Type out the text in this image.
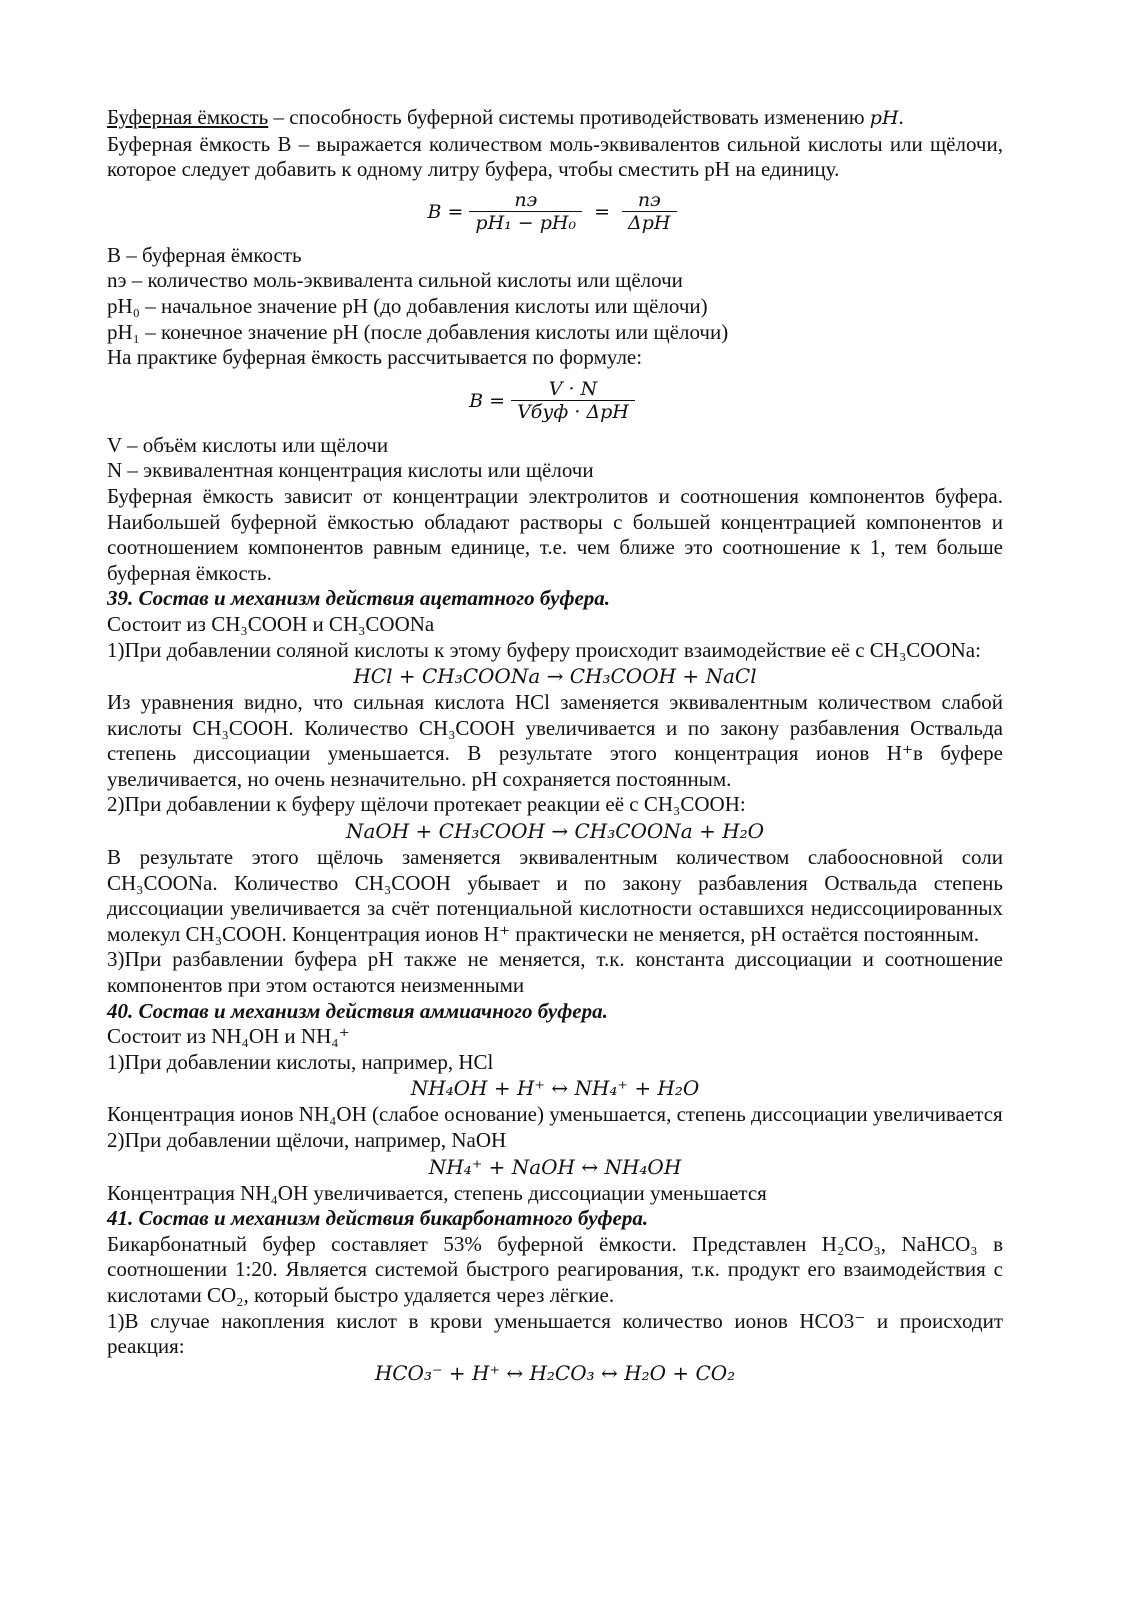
Буферная ёмкость – способность буферной системы противодействовать изменению pH.

Буферная ёмкость B – выражается количеством моль-эквивалентов сильной кислоты или щёлочи, которое следует добавить к одному литру буфера, чтобы сместить pH на единицу.

$B = \frac{nэ}{\text{pH₁ − pH₀}} = \frac{nэ}{\text{ΔpH}}$

B – буферная ёмкость

nэ – количество моль-эквивалента сильной кислоты или щёлочи

pH₀ – начальное значение pH (до добавления кислоты или щёлочи)

pH₁ – конечное значение pH (после добавления кислоты или щёлочи)

На практике буферная ёмкость рассчитывается по формуле:

$B = \frac{V \cdot N}{\text{Vбуф · ΔpH}}$

V – объём кислоты или щёлочи

N – эквивалентная концентрация кислоты или щёлочи

Буферная ёмкость зависит от концентрации электролитов и соотношения компонентов буфера. Наибольшей буферной ёмкостью обладают растворы с большей концентрацией компонентов и соотношением компонентов равным единице, т.е. чем ближе это соотношение к 1, тем больше буферная ёмкость.

39. Состав и механизм действия ацетатного буфера.

Состоит из CH₃COOH и CH₃COONa

1)При добавлении соляной кислоты к этому буферу происходит взаимодействие её с CH₃COONa:

HCl + CH₃COONa → CH₃COOH + NaCl

Из уравнения видно, что сильная кислота HCl заменяется эквивалентным количеством слабой кислоты CH₃COOH. Количество CH₃COOH увеличивается и по закону разбавления Оствальда степень диссоциации уменьшается. В результате этого концентрация ионов H⁺в буфере увеличивается, но очень незначительно. pH сохраняется постоянным.

2)При добавлении к буферу щёлочи протекает реакции её с CH₃COOH:

NaOH + CH₃COOH → CH₃COONa + H₂O

В результате этого щёлочь заменяется эквивалентным количеством слабоосновной соли CH₃COONa. Количество CH₃COOH убывает и по закону разбавления Оствальда степень диссоциации увеличивается за счёт потенциальной кислотности оставшихся недиссоциированных молекул CH₃COOH. Концентрация ионов H⁺ практически не меняется, pH остаётся постоянным.

3)При разбавлении буфера pH также не меняется, т.к. константа диссоциации и соотношение компонентов при этом остаются неизменными

40. Состав и механизм действия аммиачного буфера.

Состоит из NH₄OH и NH₄⁺

1)При добавлении кислоты, например, HCl

NH₄OH + H⁺ ↔ NH₄⁺ + H₂O

Концентрация ионов NH₄OH (слабое основание) уменьшается, степень диссоциации увеличивается

2)При добавлении щёлочи, например, NaOH

NH₄⁺ + NaOH ↔ NH₄OH

Концентрация NH₄OH увеличивается, степень диссоциации уменьшается

41. Состав и механизм действия бикарбонатного буфера.

Бикарбонатный буфер составляет 53% буферной ёмкости. Представлен H₂CO₃, NaHCO₃ в соотношении 1:20. Является системой быстрого реагирования, т.к. продукт его взаимодействия с кислотами CO₂, который быстро удаляется через лёгкие.

1)В случае накопления кислот в крови уменьшается количество ионов HCO3⁻ и происходит реакция:

HCO₃⁻ + H⁺ ↔ H₂CO₃ ↔ H₂O + CO₂
